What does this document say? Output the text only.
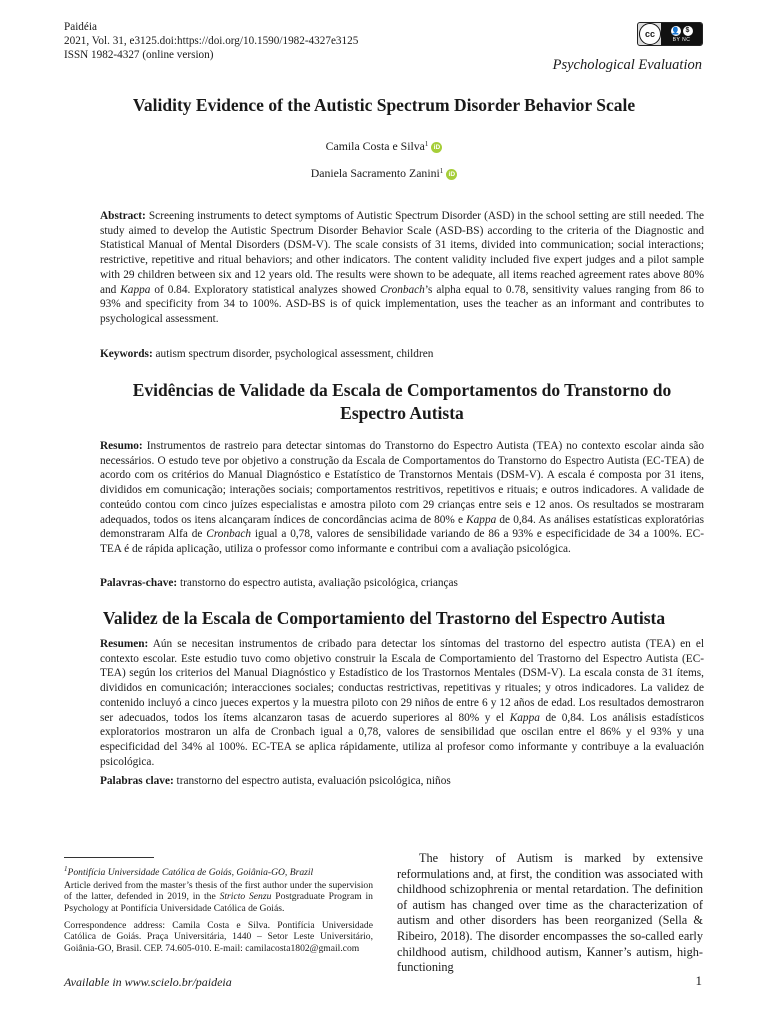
Paidéia
2021, Vol. 31, e3125.doi:https://doi.org/10.1590/1982-4327e3125
ISSN 1982-4327 (online version)
cc	👤 $
BY NC
Psychological Evaluation
Validity Evidence of the Autistic Spectrum Disorder Behavior Scale
Camila Costa e Silva$^1$ iD
Daniela Sacramento Zanini$^1$ iD
Abstract: Screening instruments to detect symptoms of Autistic Spectrum Disorder (ASD) in the school setting are still needed. The study aimed to develop the Autistic Spectrum Disorder Behavior Scale (ASD-BS) according to the criteria of the Diagnostic and Statistical Manual of Mental Disorders (DSM-V). The scale consists of 31 items, divided into communication; social interactions; restrictive, repetitive and ritual behaviors; and other indicators. The content validity included five expert judges and a pilot sample with 29 children between six and 12 years old. The results were shown to be adequate, all items reached agreement rates above 80% and Kappa of 0.84. Exploratory statistical analyzes showed Cronbach’s alpha equal to 0.78, sensitivity values ranging from 86 to 93% and specificity from 34 to 100%. ASD-BS is of quick implementation, uses the teacher as an informant and contributes to psychological assessment.
Keywords: autism spectrum disorder, psychological assessment, children
Evidências de Validade da Escala de Comportamentos do Transtorno do Espectro Autista
Resumo: Instrumentos de rastreio para detectar sintomas do Transtorno do Espectro Autista (TEA) no contexto escolar ainda são necessários. O estudo teve por objetivo a construção da Escala de Comportamentos do Transtorno do Espectro Autista (EC-TEA) de acordo com os critérios do Manual Diagnóstico e Estatístico de Transtornos Mentais (DSM-V). A escala é composta por 31 itens, divididos em comunicação; interações sociais; comportamentos restritivos, repetitivos e rituais; e outros indicadores. A validade de conteúdo contou com cinco juízes especialistas e amostra piloto com 29 crianças entre seis e 12 anos. Os resultados se mostraram adequados, todos os itens alcançaram índices de concordâncias acima de 80% e Kappa de 0,84. As análises estatísticas exploratórias demonstraram Alfa de Cronbach igual a 0,78, valores de sensibilidade variando de 86 a 93% e especificidade de 34 a 100%. EC-TEA é de rápida aplicação, utiliza o professor como informante e contribui com a avaliação psicológica.
Palavras-chave: transtorno do espectro autista, avaliação psicológica, crianças
Validez de la Escala de Comportamiento del Trastorno del Espectro Autista
Resumen: Aún se necesitan instrumentos de cribado para detectar los síntomas del trastorno del espectro autista (TEA) en el contexto escolar. Este estudio tuvo como objetivo construir la Escala de Comportamiento del Trastorno del Espectro Autista (EC-TEA) según los criterios del Manual Diagnóstico y Estadístico de los Trastornos Mentales (DSM-V). La escala consta de 31 ítems, divididos en comunicación; interacciones sociales; conductas restrictivas, repetitivas y rituales; y otros indicadores. La validez de contenido incluyó a cinco jueces expertos y la muestra piloto con 29 niños de entre 6 y 12 años de edad. Los resultados demostraron ser adecuados, todos los ítems alcanzaron tasas de acuerdo superiores al 80% y el Kappa de 0,84. Los análisis estadísticos exploratorios mostraron un alfa de Cronbach igual a 0,78, valores de sensibilidad que oscilan entre el 86% y el 93% y una especificidad del 34% al 100%. EC-TEA se aplica rápidamente, utiliza al profesor como informante y contribuye a la evaluación psicológica.
Palabras clave: transtorno del espectro autista, evaluación psicológica, niños
$^1$Pontifícia Universidade Católica de Goiás, Goiânia-GO, Brazil
Article derived from the master’s thesis of the first author under the supervision of the latter, defended in 2019, in the Stricto Senzu Postgraduate Program in Psychology at Pontifícia Universidade Católica de Goiás.
Correspondence address: Camila Costa e Silva. Pontifícia Universidade Católica de Goiás. Praça Universitária, 1440 – Setor Leste Universitário, Goiânia-GO, Brasil. CEP. 74.605-010. E-mail: camilacosta1802@gmail.com
The history of Autism is marked by extensive reformulations and, at first, the condition was associated with childhood schizophrenia or mental retardation. The definition of autism has changed over time as the characterization of autism and other disorders has been reorganized (Sella & Ribeiro, 2018). The disorder encompasses the so-called early childhood autism, childhood autism, Kanner’s autism, high-functioning
Available in www.scielo.br/paideia	1
